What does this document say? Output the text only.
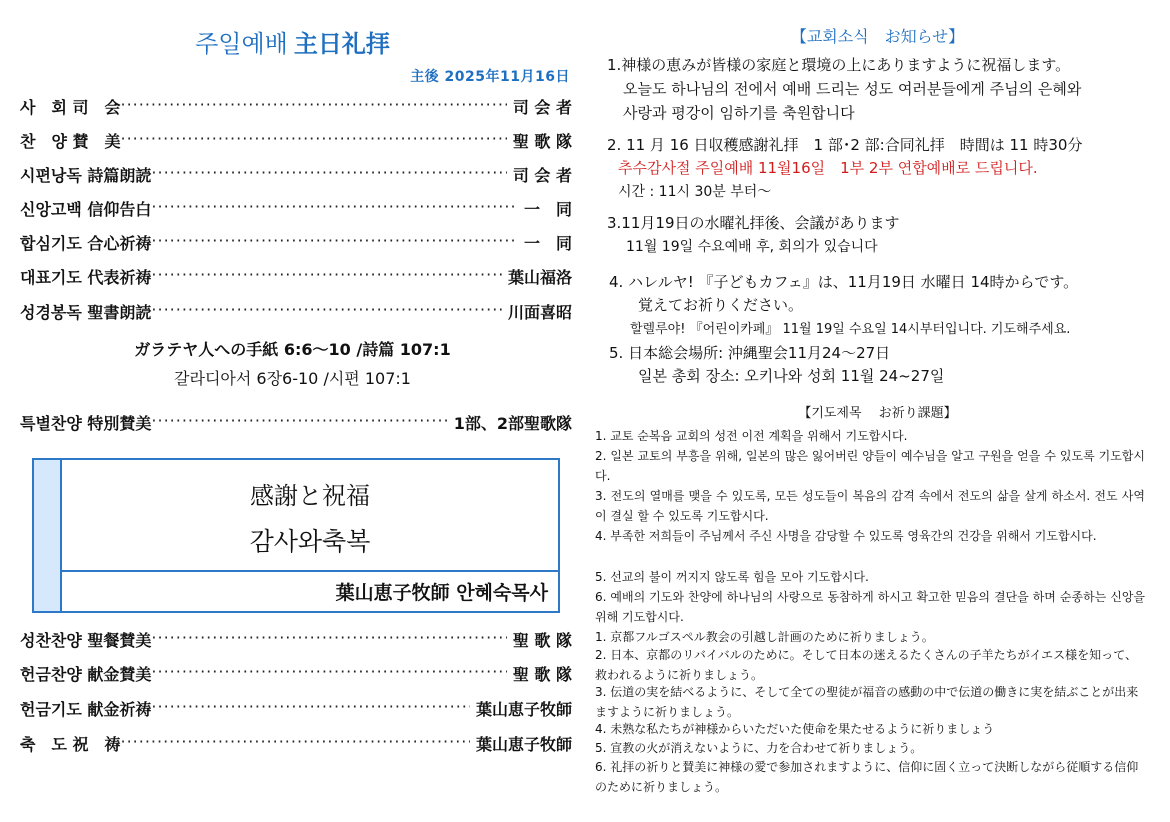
주일예배 主日礼拝
主後 2025年11月16日
사　회 司　会 ·····	司 会 者
찬　양 賛　美 ·····	聖 歌 隊
시편낭독 詩篇朗読 ·····	司 会 者
신앙고백 信仰告白 ·····	一　同
합심기도 合心祈祷 ·····	一　同
대표기도 代表祈祷 ·····	葉山福洛
성경봉독 聖書朗読 ·····	川面喜昭
ガラテヤ人への手紙 6:6～10 /詩篇 107:1
갈라디아서 6장6-10 /시편 107:1
특별찬양 特別賛美 ·····	1部、2部聖歌隊
感謝と祝福
감사와축복
葉山恵子牧師 안혜숙목사
성찬찬양 聖餐賛美 ·····	聖 歌 隊
헌금찬양 献金賛美 ·····	聖 歌 隊
헌금기도 献金祈祷 ·····	葉山恵子牧師
축　도 祝　祷 ·····	葉山恵子牧師
【교회소식　お知らせ】
1.神様の恵みが皆様の家庭と環境の上にありますように祝福します。
오늘도 하나님의 전에서 예배 드리는 성도 여러분들에게 주님의 은혜와
사랑과 평강이 임하기를 축원합니다
2. 11 月 16 日収穫感謝礼拝　1 部･2 部:合同礼拝　時間は 11 時30分
추수감사절 주일예배 11월16일　1부 2부 연합예배로 드립니다.
시간 : 11시 30분 부터～
3.11月19日の水曜礼拝後、会議があります
11월 19일 수요예배 후, 회의가 있습니다
4. ハレルヤ! 『子どもカフェ』は、11月19日 水曜日 14時からです。
覚えてお祈りください。
할렐루야! 『어린이카페』 11월 19일 수요일 14시부터입니다. 기도해주세요.
5. 日本総会場所: 沖縄聖会11月24～27日
일본 총회 장소: 오키나와 성회 11월 24~27일
【기도제목　 お祈り課題】
1. 교토 순복음 교회의 성전 이전 계획을 위해서 기도합시다.
2. 일본 교토의 부흥을 위해, 일본의 많은 잃어버린 양들이 예수님을 알고 구원을 얻을 수 있도록 기도합시다.
3. 전도의 열매를 맺을 수 있도록, 모든 성도들이 복음의 감격 속에서 전도의 삶을 살게 하소서. 전도 사역이 결실 할 수 있도록 기도합시다.
4. 부족한 저희들이 주님께서 주신 사명을 감당할 수 있도록 영육간의 건강을 위해서 기도합시다.
5. 선교의 불이 꺼지지 않도록 힘을 모아 기도합시다.
6. 예배의 기도와 찬양에 하나님의 사랑으로 동참하게 하시고 확고한 믿음의 결단을 하며 순종하는 신앙을 위해 기도합시다.
1. 京都フルゴスペル教会の引越し計画のために祈りましょう。
2. 日本、京都のリバイバルのために。そして日本の迷えるたくさんの子羊たちがイエス様を知って、救われるように祈りましょう。
3. 伝道の実を結べるように、そして全ての聖徒が福音の感動の中で伝道の働きに実を結ぶことが出来ますように祈りましょう。
4. 未熟な私たちが神様からいただいた使命を果たせるように祈りましょう
5. 宣教の火が消えないように、力を合わせて祈りましょう。
6. 礼拝の祈りと賛美に神様の愛で参加されますように、信仰に固く立って決断しながら従順する信仰のために祈りましょう。
